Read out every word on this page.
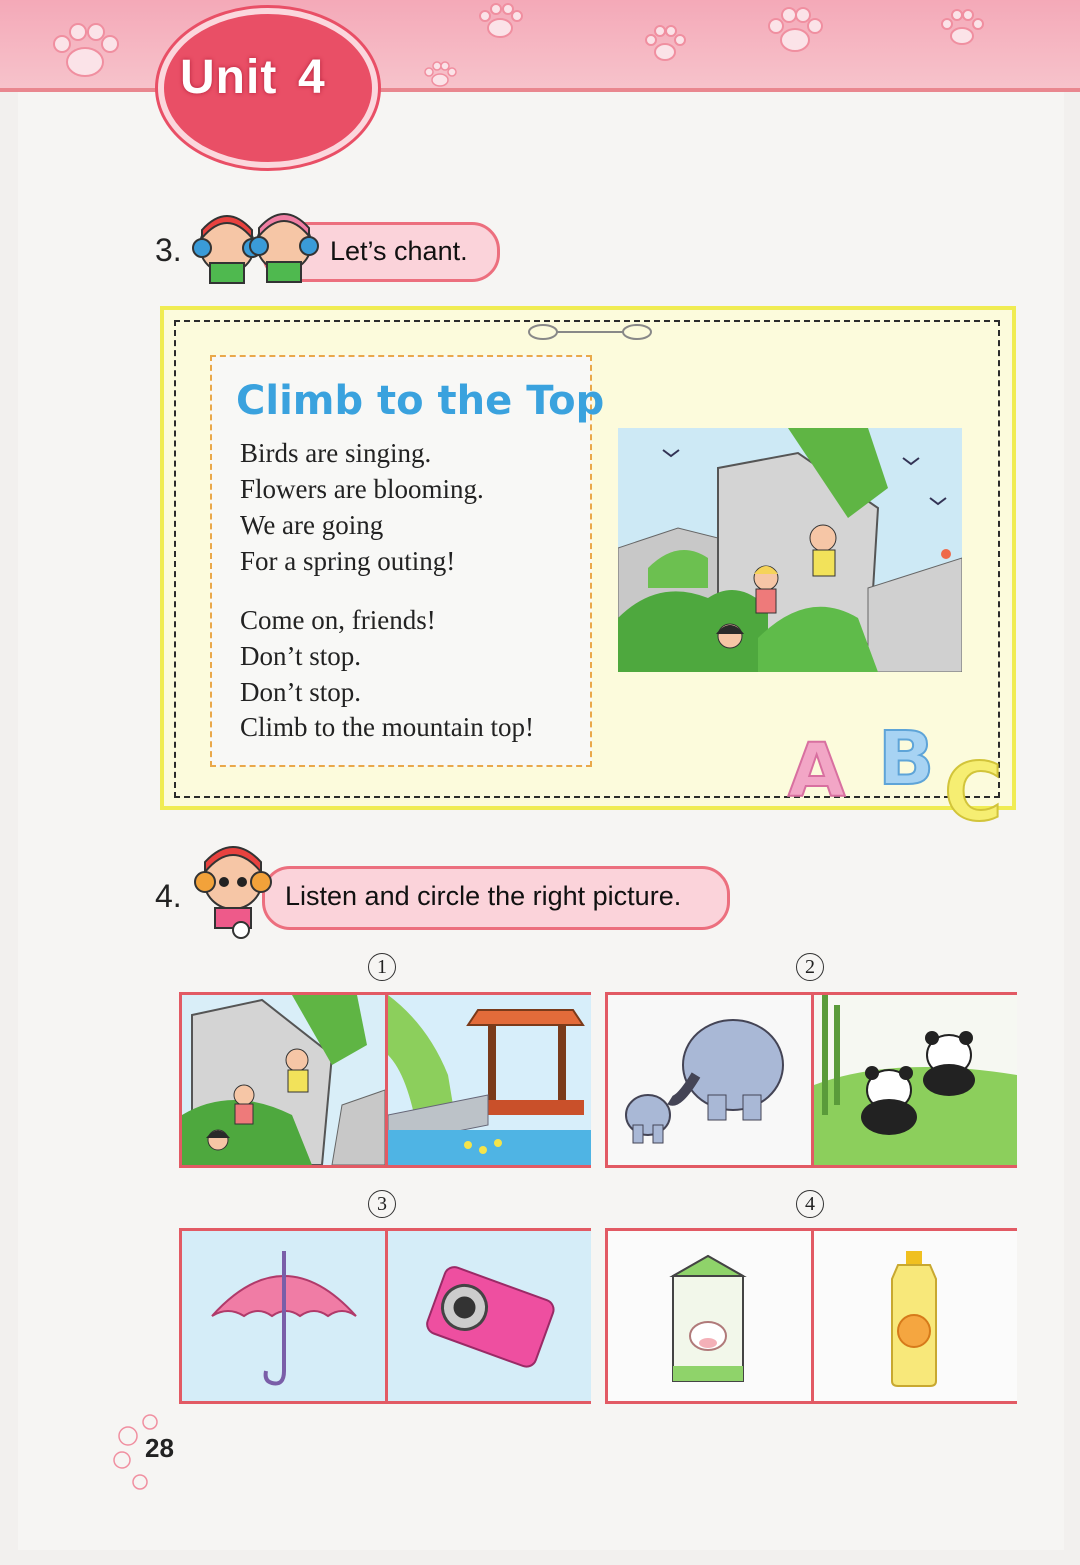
Unit 4
3.	Let’s chant.
Climb to the Top
Birds are singing.
Flowers are blooming.
We are going
For a spring outing!
Come on, friends!
Don’t stop.
Don’t stop.
Climb to the mountain top!
A B C
4.	Listen and circle the right picture.
1	2
3	4
28
